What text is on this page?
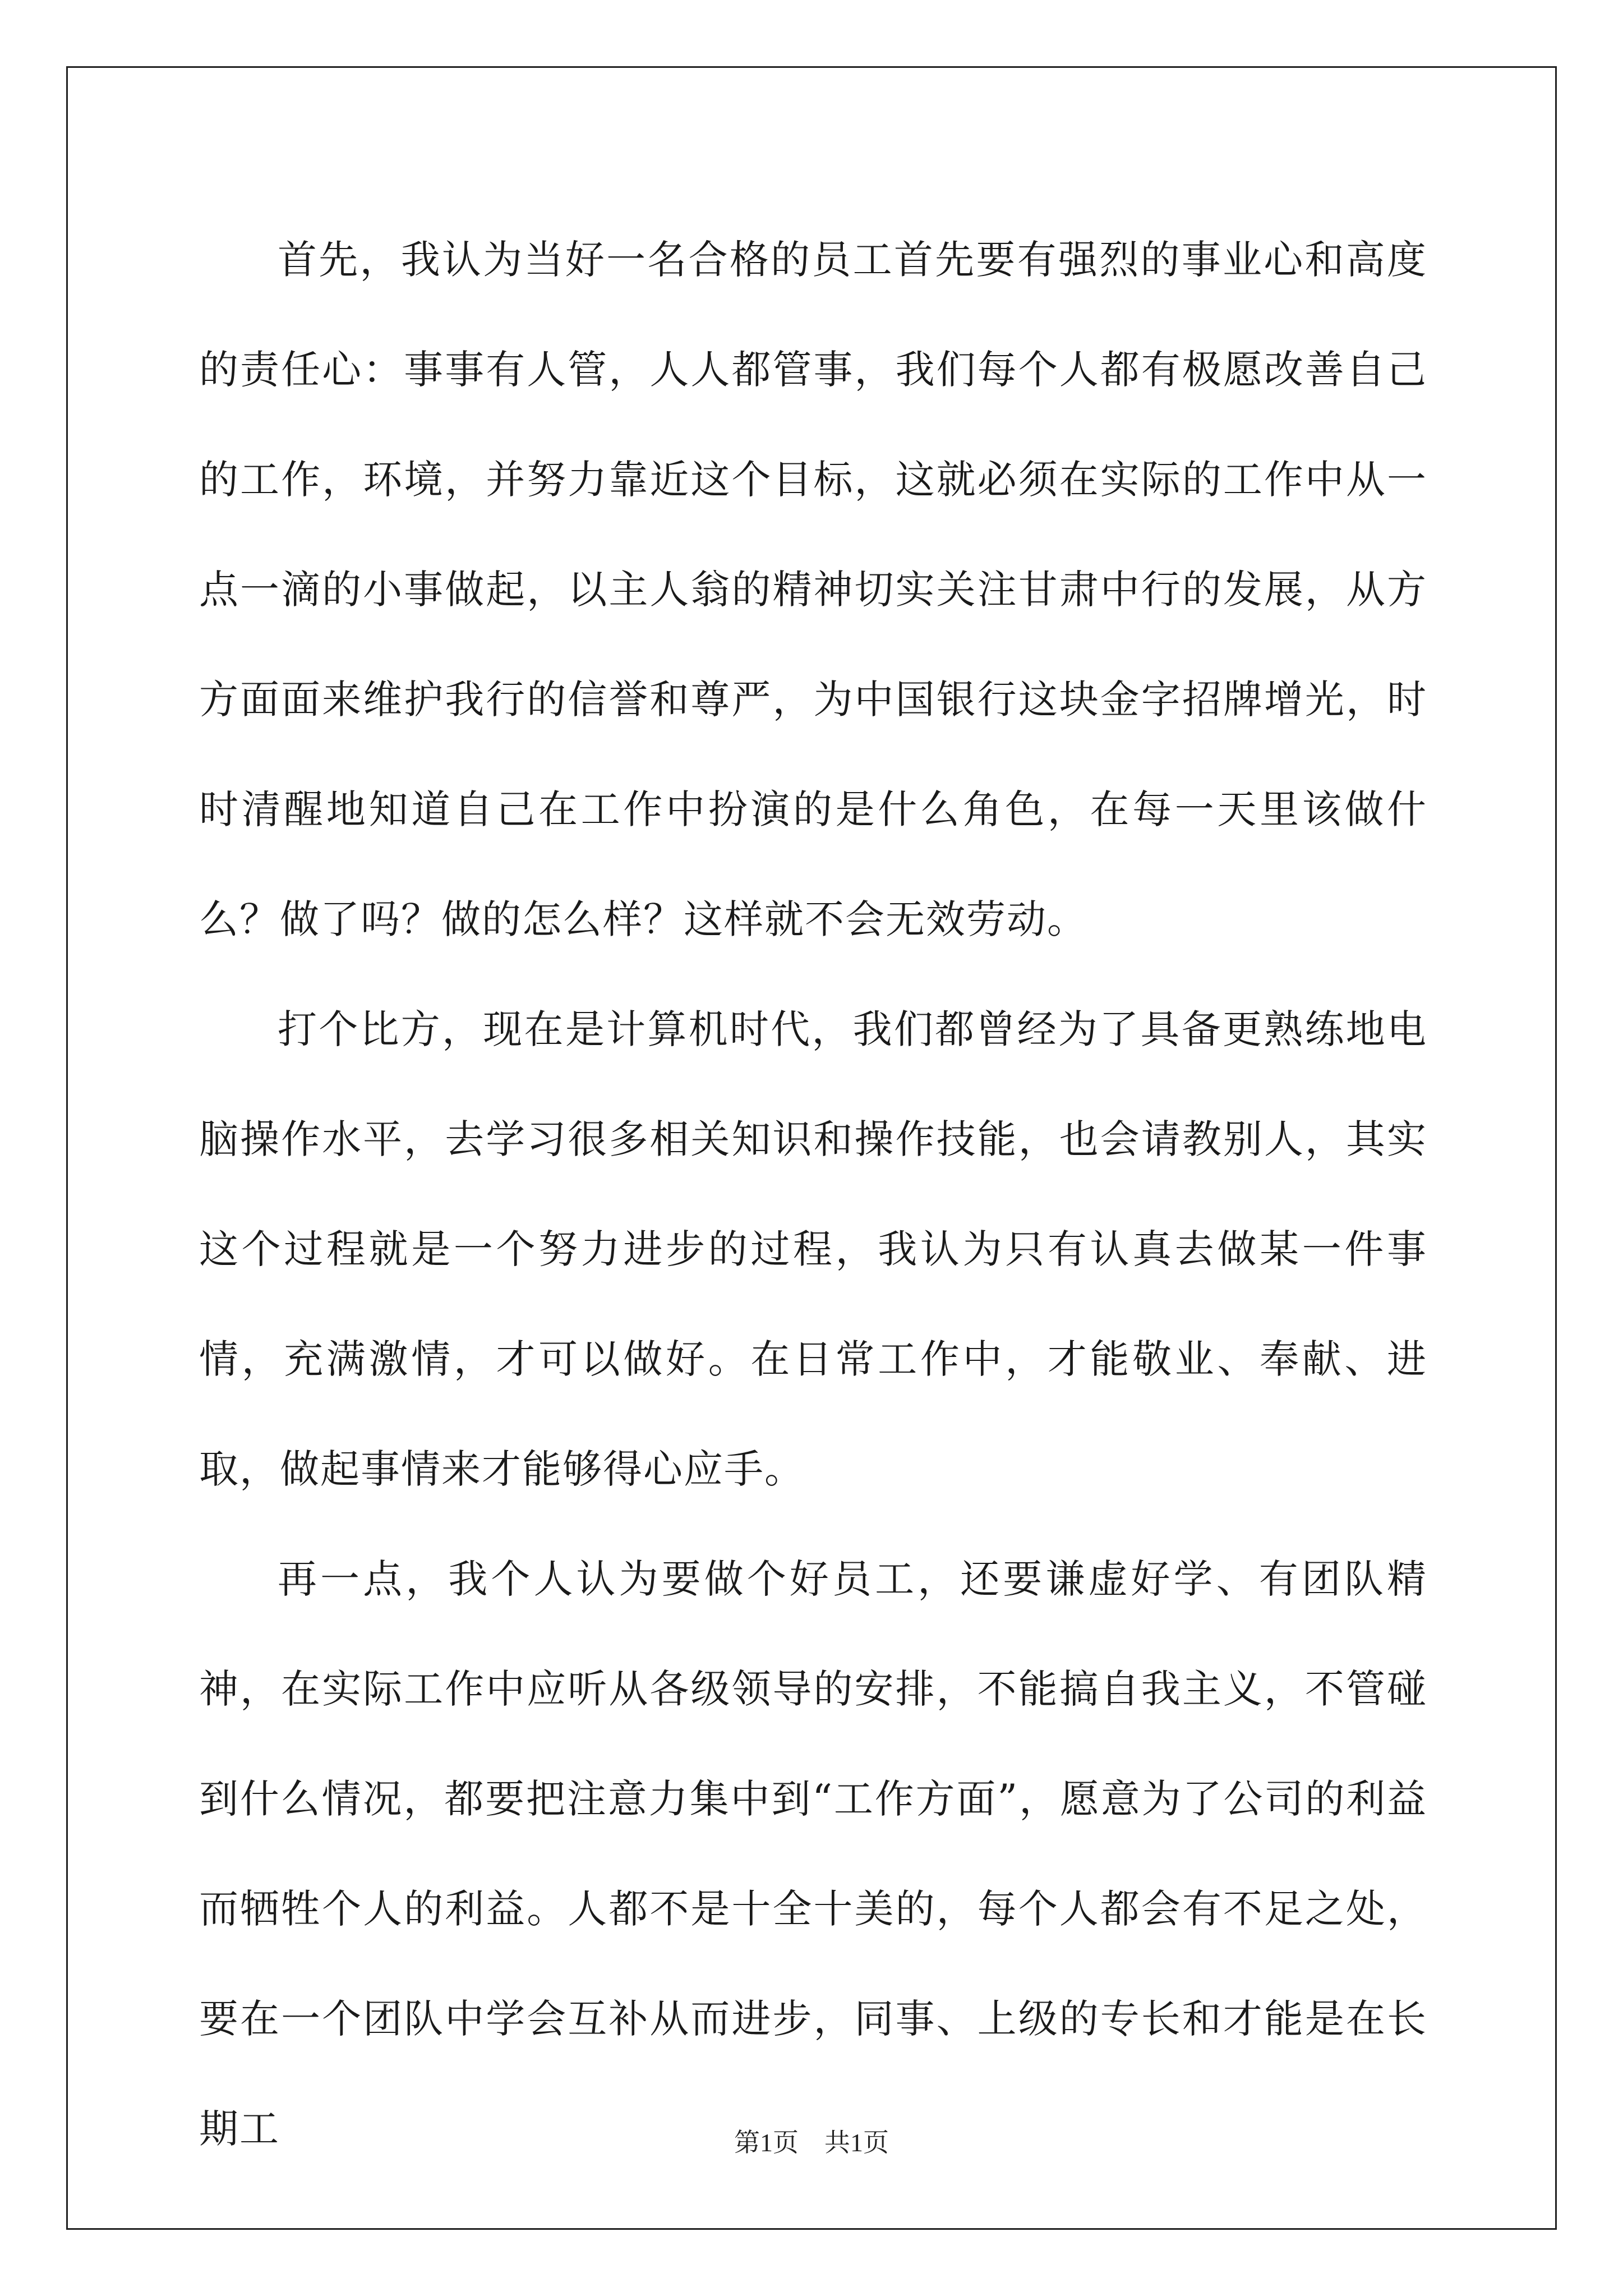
首先，我认为当好一名合格的员工首先要有强烈的事业心和高度的责任心：事事有人管，人人都管事，我们每个人都有极愿改善自己的工作，环境，并努力靠近这个目标，这就必须在实际的工作中从一点一滴的小事做起，以主人翁的精神切实关注甘肃中行的发展，从方方面面来维护我行的信誉和尊严，为中国银行这块金字招牌增光，时时清醒地知道自己在工作中扮演的是什么角色，在每一天里该做什么？做了吗？做的怎么样？这样就不会无效劳动。

打个比方，现在是计算机时代，我们都曾经为了具备更熟练地电脑操作水平，去学习很多相关知识和操作技能，也会请教别人，其实这个过程就是一个努力进步的过程，我认为只有认真去做某一件事情，充满激情，才可以做好。在日常工作中，才能敬业、奉献、进取，做起事情来才能够得心应手。

再一点，我个人认为要做个好员工，还要谦虚好学、有团队精神，在实际工作中应听从各级领导的安排，不能搞自我主义，不管碰到什么情况，都要把注意力集中到“工作方面”，愿意为了公司的利益而牺牲个人的利益。人都不是十全十美的，每个人都会有不足之处，要在一个团队中学会互补从而进步，同事、上级的专长和才能是在长期工	第1页　共1页
